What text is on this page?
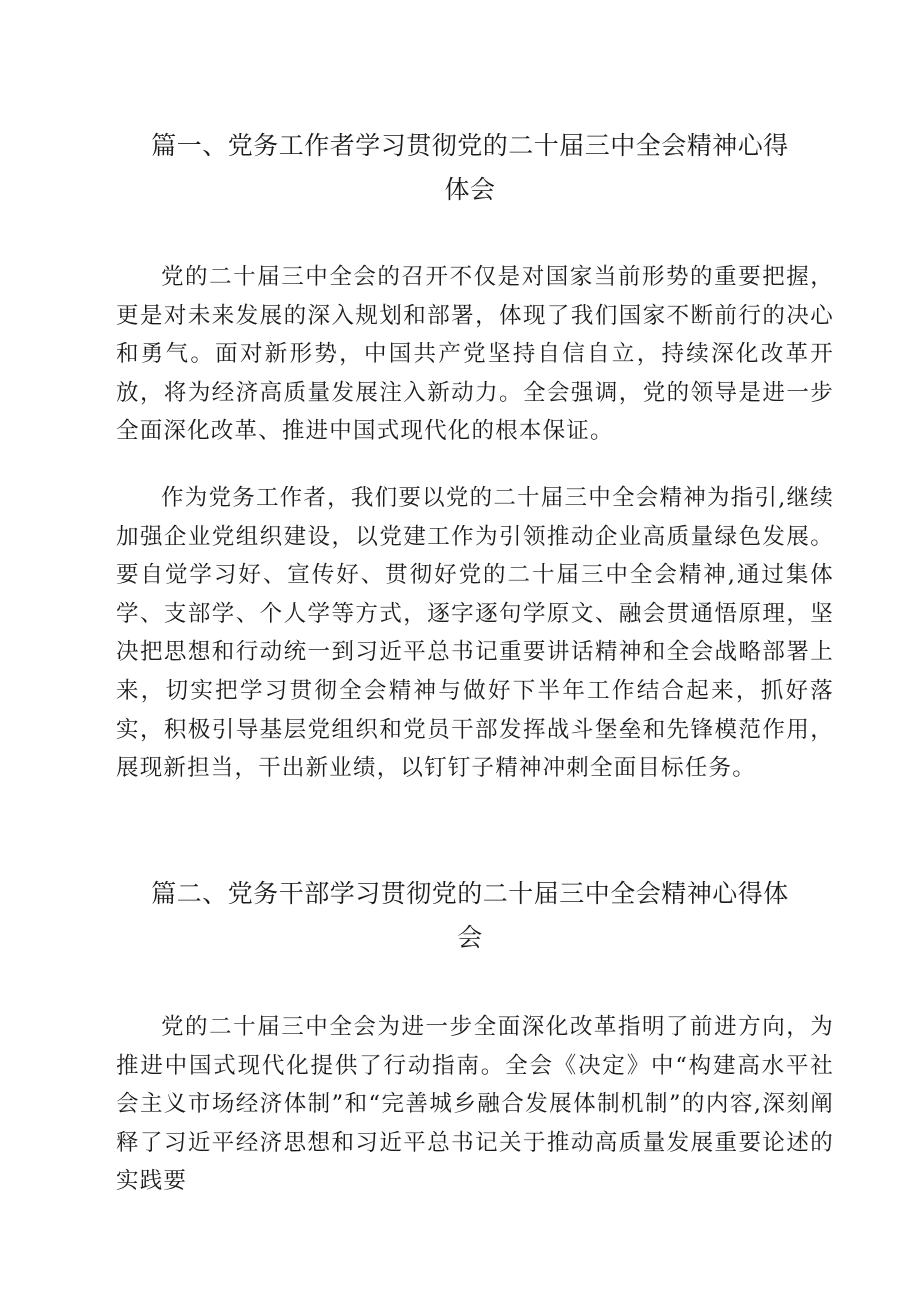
篇一、党务工作者学习贯彻党的二十届三中全会精神心得体会

党的二十届三中全会的召开不仅是对国家当前形势的重要把握，更是对未来发展的深入规划和部署，体现了我们国家不断前行的决心和勇气。面对新形势，中国共产党坚持自信自立，持续深化改革开放，将为经济高质量发展注入新动力。全会强调，党的领导是进一步全面深化改革、推进中国式现代化的根本保证。

作为党务工作者，我们要以党的二十届三中全会精神为指引,继续加强企业党组织建设，以党建工作为引领推动企业高质量绿色发展。要自觉学习好、宣传好、贯彻好党的二十届三中全会精神,通过集体学、支部学、个人学等方式，逐字逐句学原文、融会贯通悟原理，坚决把思想和行动统一到习近平总书记重要讲话精神和全会战略部署上来，切实把学习贯彻全会精神与做好下半年工作结合起来，抓好落实，积极引导基层党组织和党员干部发挥战斗堡垒和先锋模范作用，展现新担当，干出新业绩，以钉钉子精神冲刺全面目标任务。

篇二、党务干部学习贯彻党的二十届三中全会精神心得体会

党的二十届三中全会为进一步全面深化改革指明了前进方向，为推进中国式现代化提供了行动指南。全会《决定》中“构建高水平社会主义市场经济体制”和“完善城乡融合发展体制机制”的内容,深刻阐释了习近平经济思想和习近平总书记关于推动高质量发展重要论述的实践要
